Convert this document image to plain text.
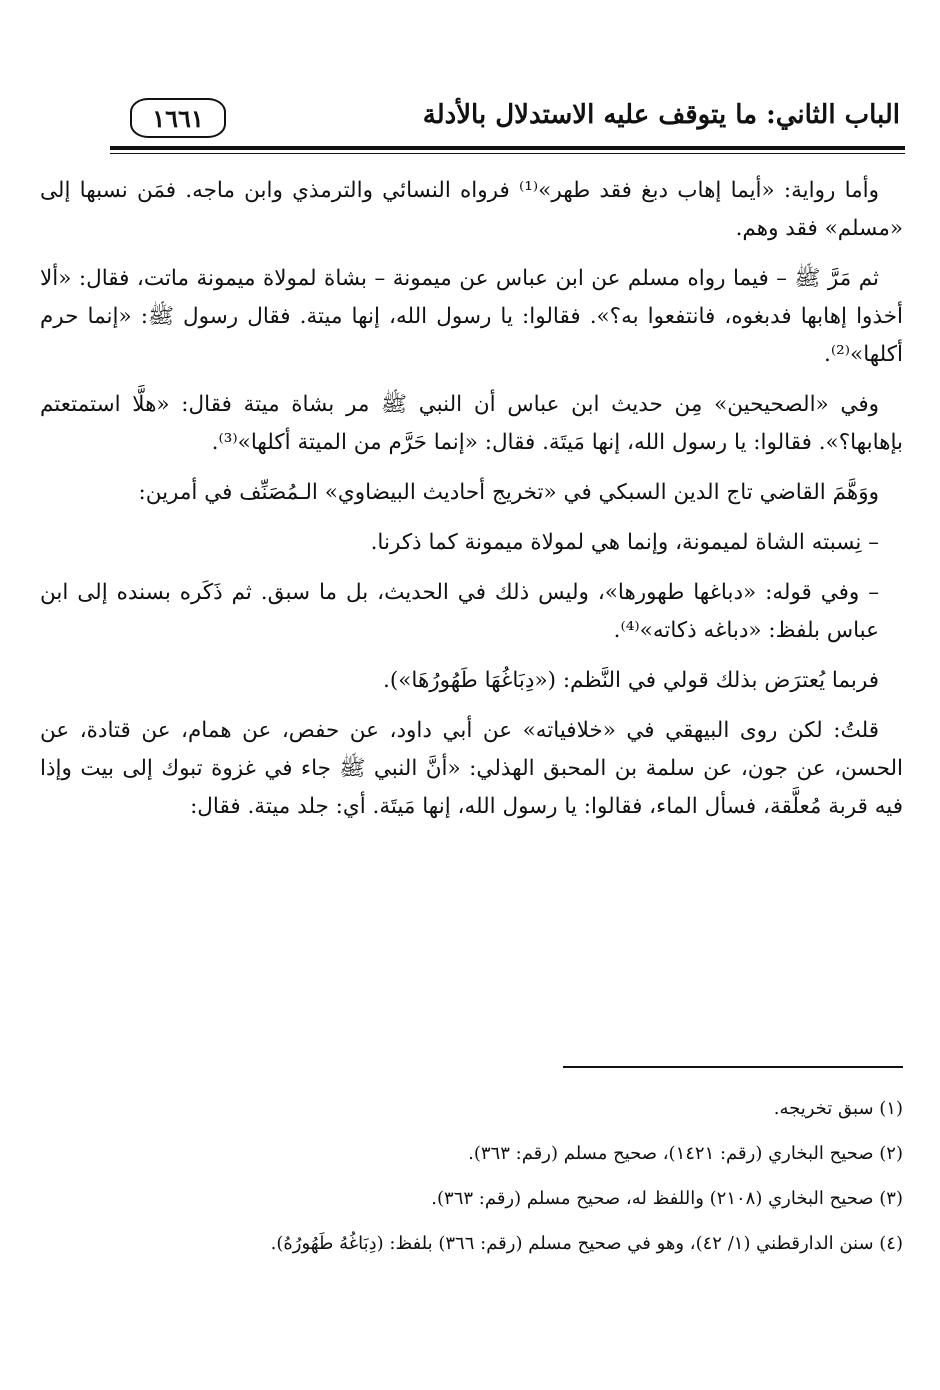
الباب الثاني: ما يتوقف عليه الاستدلال بالأدلة
١٦٦١

وأما رواية: «أيما إهاب دبغ فقد طهر»⁽¹⁾ فرواه النسائي والترمذي وابن ماجه. فمَن نسبها إلى «مسلم» فقد وهم.

ثم مَرَّ ﷺ – فيما رواه مسلم عن ابن عباس عن ميمونة – بشاة لمولاة ميمونة ماتت، فقال: «ألا أخذوا إهابها فدبغوه، فانتفعوا به؟». فقالوا: يا رسول الله، إنها ميتة. فقال رسول ﷺ: «إنما حرم أكلها»⁽²⁾.

وفي «الصحيحين» مِن حديث ابن عباس أن النبي ﷺ مر بشاة ميتة فقال: «هلَّا استمتعتم بإهابها؟». فقالوا: يا رسول الله، إنها مَيتَة. فقال: «إنما حَرَّم من الميتة أكلها»⁽³⁾.

ووَهَّمَ القاضي تاج الدين السبكي في «تخريج أحاديث البيضاوي» الـمُصَنِّف في أمرين:

– نِسبته الشاة لميمونة، وإنما هي لمولاة ميمونة كما ذكرنا.

– وفي قوله: «دباغها طهورها»، وليس ذلك في الحديث، بل ما سبق. ثم ذَكَره بسنده إلى ابن عباس بلفظ: «دباغه ذكاته»⁽⁴⁾.

فربما يُعترَض بذلك قولي في النَّظم: («دِبَاغُهَا طَهُورُهَا»).

قلتُ: لكن روى البيهقي في «خلافياته» عن أبي داود، عن حفص، عن همام، عن قتادة، عن الحسن، عن جون، عن سلمة بن المحبق الهذلي: «أنَّ النبي ﷺ جاء في غزوة تبوك إلى بيت وإذا فيه قربة مُعلَّقة، فسأل الماء، فقالوا: يا رسول الله، إنها مَيتَة. أي: جلد ميتة. فقال:

(١) سبق تخريجه.

(٢) صحيح البخاري (رقم: ١٤٢١)، صحيح مسلم (رقم: ٣٦٣).

(٣) صحيح البخاري (٢١٠٨) واللفظ له، صحيح مسلم (رقم: ٣٦٣).

(٤) سنن الدارقطني (١/ ٤٢)، وهو في صحيح مسلم (رقم: ٣٦٦) بلفظ: (دِبَاغُهُ طَهُورُهُ).
